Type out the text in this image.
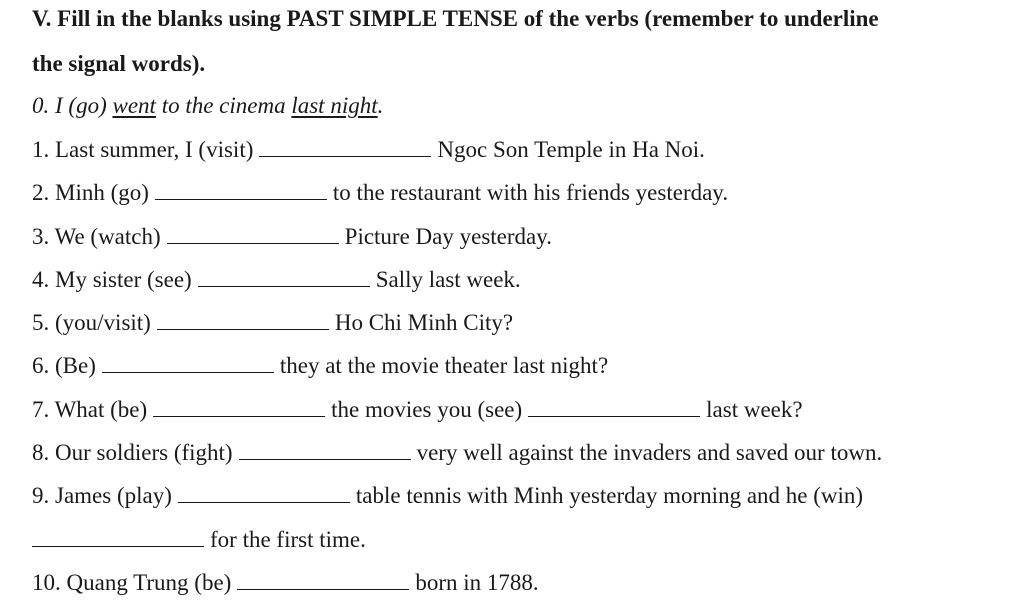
V. Fill in the blanks using PAST SIMPLE TENSE of the verbs (remember to underline
the signal words).
0. I (go) went to the cinema last night.
1. Last summer, I (visit)	Ngoc Son Temple in Ha Noi.
2. Minh (go)	to the restaurant with his friends yesterday.
3. We (watch)	Picture Day yesterday.
4. My sister (see)	Sally last week.
5. (you/visit)	Ho Chi Minh City?
6. (Be)	they at the movie theater last night?
7. What (be)	the movies you (see)	last week?
8. Our soldiers (fight)	very well against the invaders and saved our town.
9. James (play)	table tennis with Minh yesterday morning and he (win)
for the first time.
10. Quang Trung (be)	born in 1788.
